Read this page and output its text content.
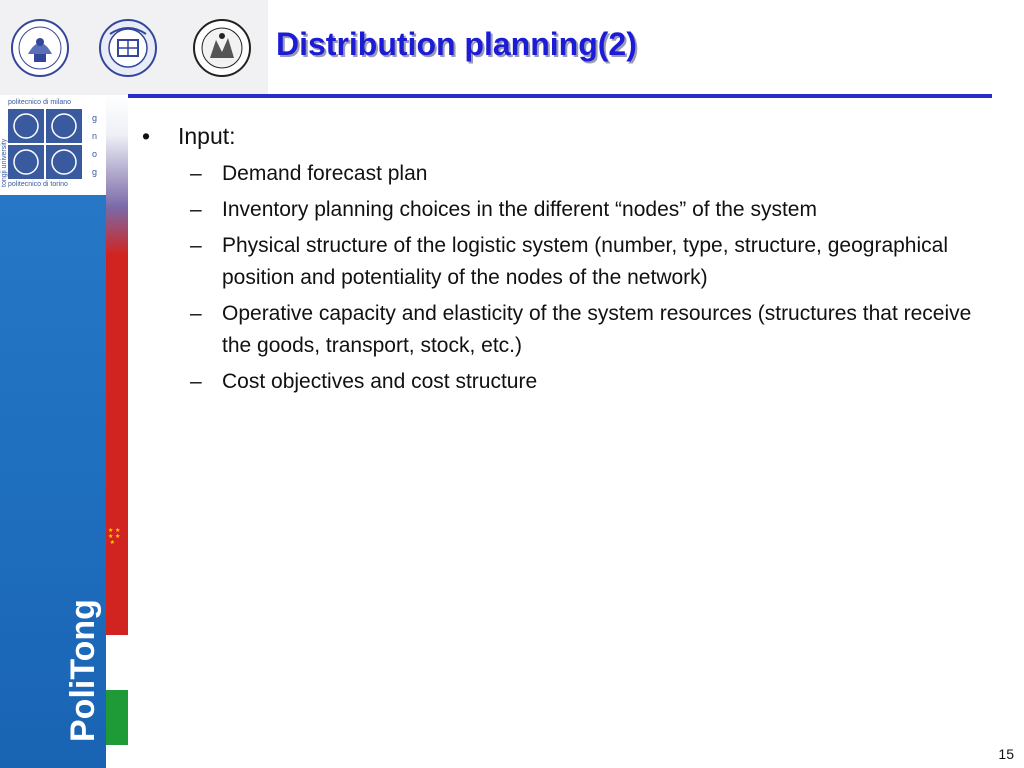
Distribution planning(2)
politecnico di milano
tongji university politecnico di torino
g
n
o
g
★ ★
★ ★
★
PoliTong
• Input:
– Demand forecast plan
– Inventory planning choices in the different “nodes” of the system
– Physical structure of the logistic system (number, type, structure, geographical position and potentiality of the nodes of the network)
– Operative capacity and elasticity of the system resources (structures that receive the goods, transport, stock, etc.)
– Cost objectives and cost structure
15
